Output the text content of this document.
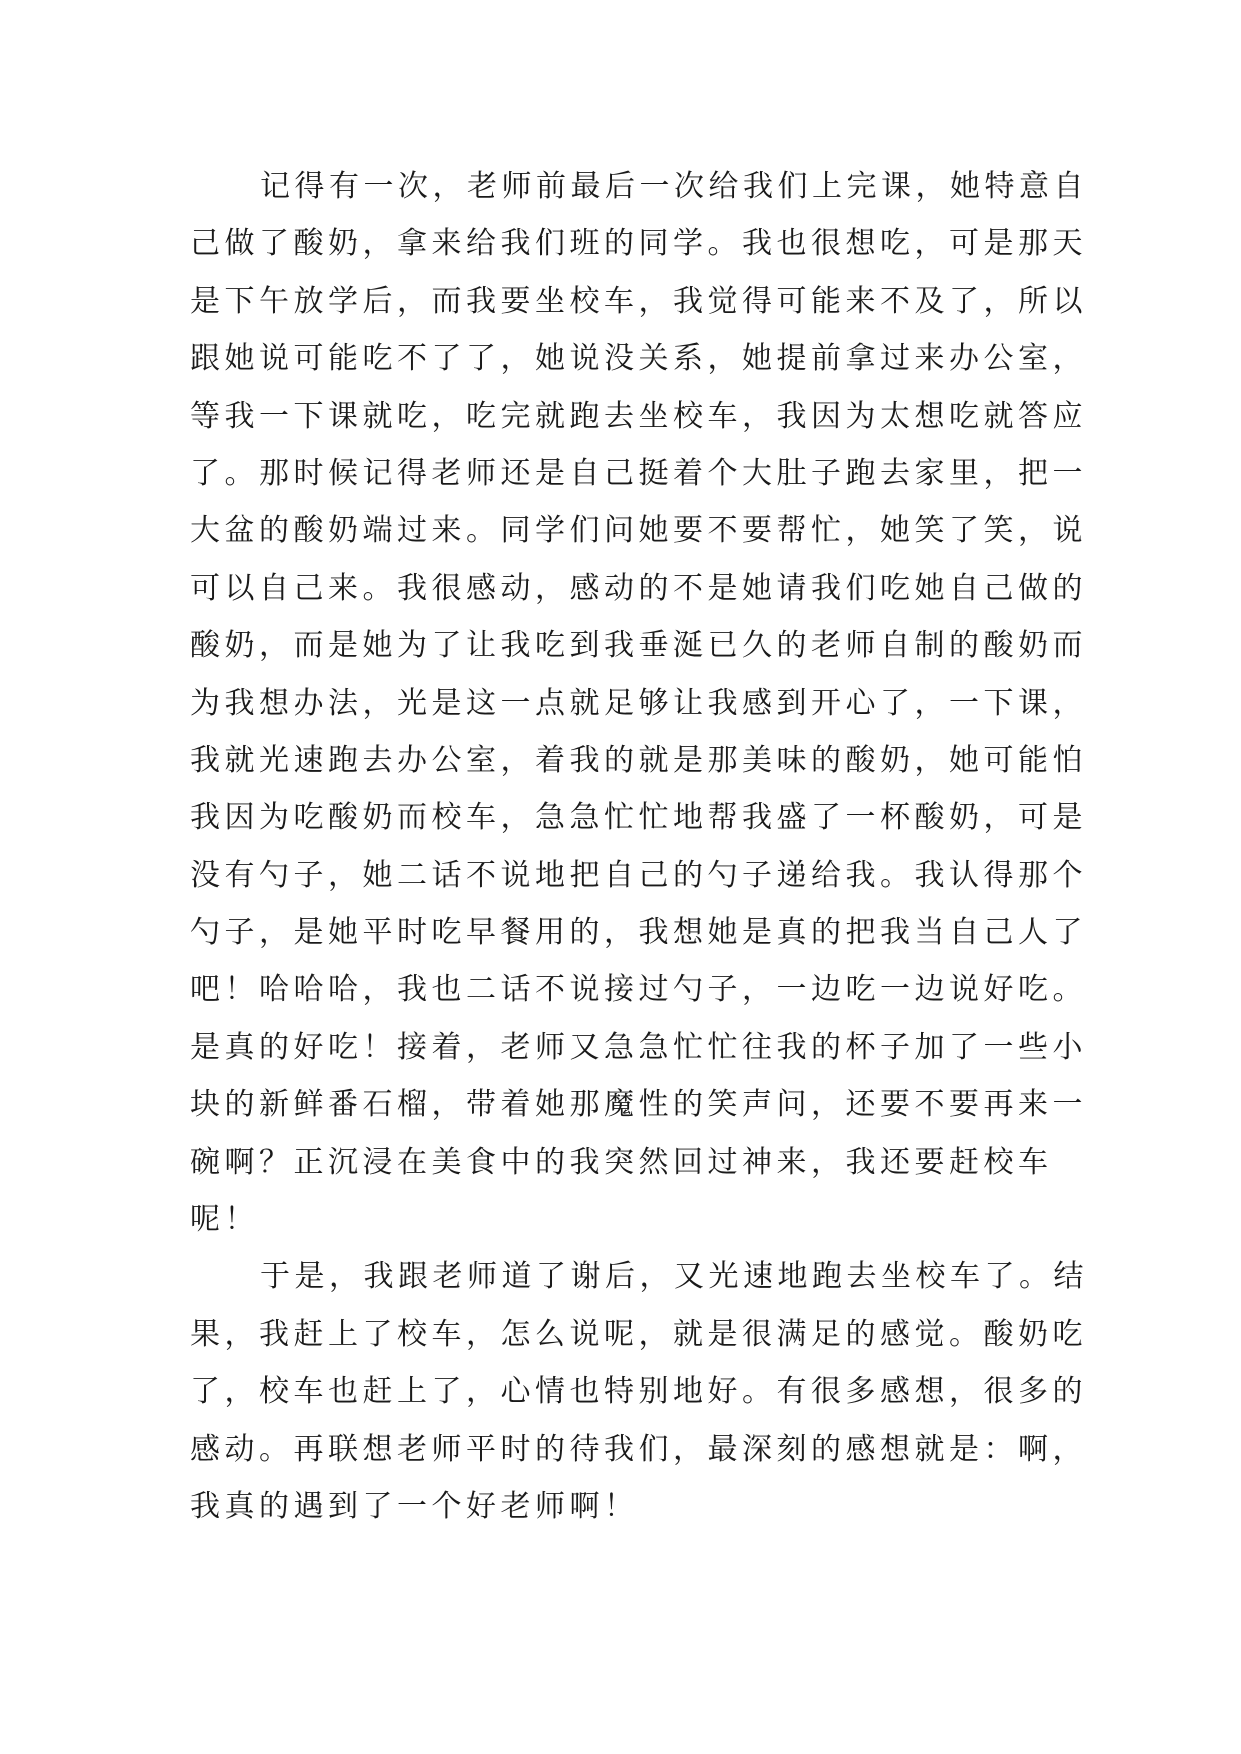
记得有一次，老师前最后一次给我们上完课，她特意自
己做了酸奶，拿来给我们班的同学。我也很想吃，可是那天
是下午放学后，而我要坐校车，我觉得可能来不及了，所以
跟她说可能吃不了了，她说没关系，她提前拿过来办公室，
等我一下课就吃，吃完就跑去坐校车，我因为太想吃就答应
了。那时候记得老师还是自己挺着个大肚子跑去家里，把一
大盆的酸奶端过来。同学们问她要不要帮忙，她笑了笑，说
可以自己来。我很感动，感动的不是她请我们吃她自己做的
酸奶，而是她为了让我吃到我垂涎已久的老师自制的酸奶而
为我想办法，光是这一点就足够让我感到开心了，一下课，
我就光速跑去办公室，着我的就是那美味的酸奶，她可能怕
我因为吃酸奶而校车，急急忙忙地帮我盛了一杯酸奶，可是
没有勺子，她二话不说地把自己的勺子递给我。我认得那个
勺子，是她平时吃早餐用的，我想她是真的把我当自己人了
吧！哈哈哈，我也二话不说接过勺子，一边吃一边说好吃。
是真的好吃！接着，老师又急急忙忙往我的杯子加了一些小
块的新鲜番石榴，带着她那魔性的笑声问，还要不要再来一
碗啊？正沉浸在美食中的我突然回过神来，我还要赶校车
呢！
于是，我跟老师道了谢后，又光速地跑去坐校车了。结
果，我赶上了校车，怎么说呢，就是很满足的感觉。酸奶吃
了，校车也赶上了，心情也特别地好。有很多感想，很多的
感动。再联想老师平时的待我们，最深刻的感想就是：啊，
我真的遇到了一个好老师啊！
